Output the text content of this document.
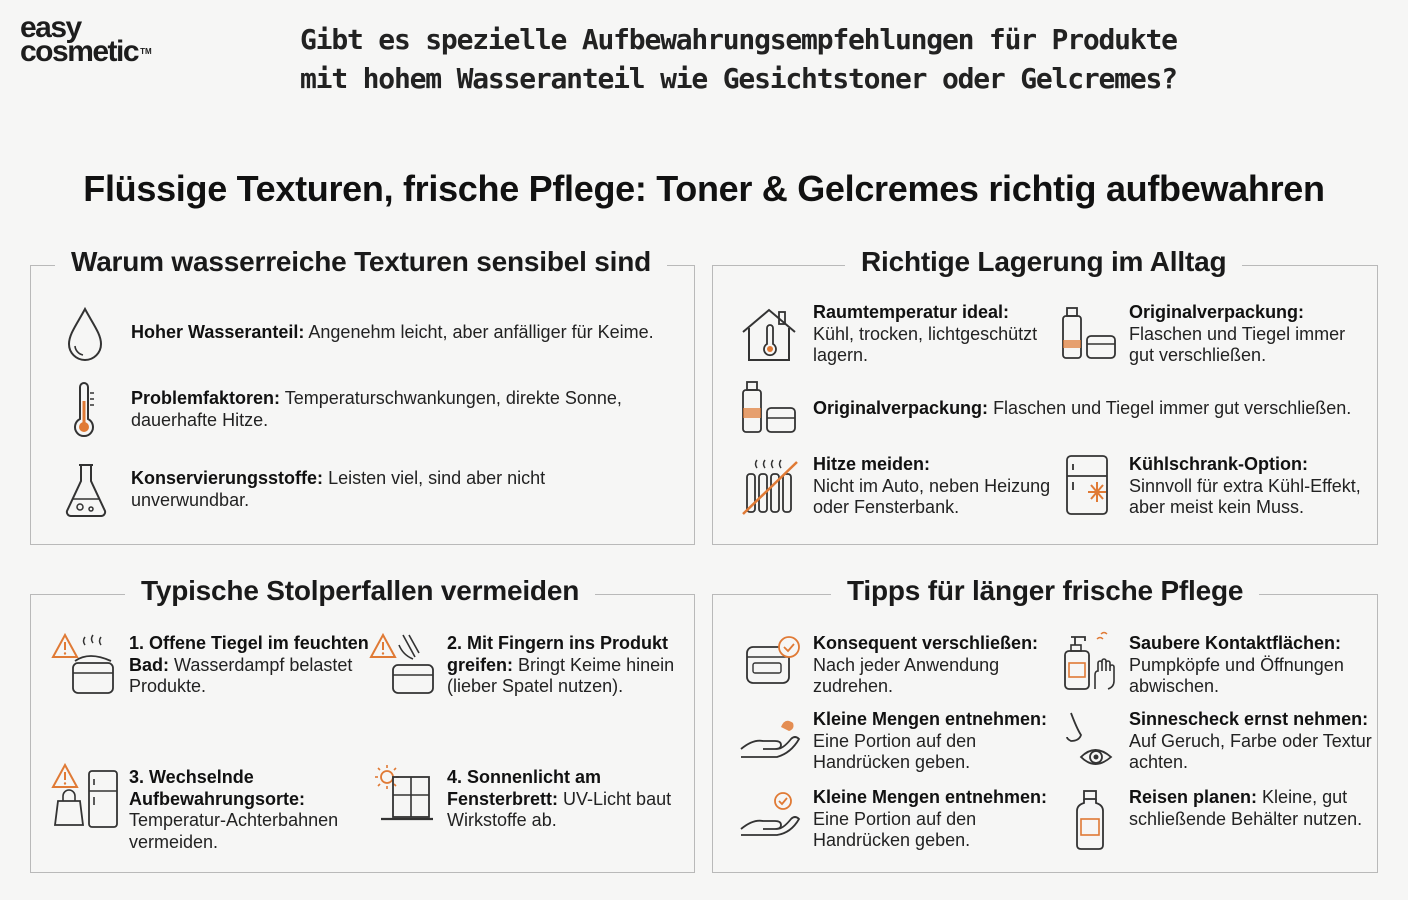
easy
cosmetic ™	Gibt es spezielle Aufbewahrungsempfehlungen für Produkte
mit hohem Wasseranteil wie Gesichtstoner oder Gelcremes?
Flüssige Texturen, frische Pflege: Toner & Gelcremes richtig aufbewahren
Warum wasserreiche Texturen sensibel sind
Hoher Wasseranteil: Angenehm leicht, aber anfälliger für Keime.
Problemfaktoren: Temperaturschwankungen, direkte Sonne, dauerhafte Hitze.
Konservierungsstoffe: Leisten viel, sind aber nicht unverwundbar.
Richtige Lagerung im Alltag
Raumtemperatur ideal:
Kühl, trocken, lichtgeschützt lagern.
Originalverpackung:
Flaschen und Tiegel immer gut verschließen.
Originalverpackung: Flaschen und Tiegel immer gut verschließen.
Hitze meiden:
Nicht im Auto, neben Heizung oder Fensterbank.
Kühlschrank-Option:
Sinnvoll für extra Kühl-Effekt, aber meist kein Muss.
Typische Stolperfallen vermeiden
1. Offene Tiegel im feuchten Bad: Wasserdampf belastet Produkte.
2. Mit Fingern ins Produkt greifen: Bringt Keime hinein (lieber Spatel nutzen).
3. Wechselnde Aufbewahrungsorte: Temperatur-Achterbahnen vermeiden.
4. Sonnenlicht am Fensterbrett: UV-Licht baut Wirkstoffe ab.
Tipps für länger frische Pflege
Konsequent verschließen:
Nach jeder Anwendung zudrehen.
Saubere Kontaktflächen:
Pumpköpfe und Öffnungen abwischen.
Kleine Mengen entnehmen:
Eine Portion auf den Handrücken geben.
Sinnescheck ernst nehmen:
Auf Geruch, Farbe oder Textur achten.
Kleine Mengen entnehmen:
Eine Portion auf den Handrücken geben.
Reisen planen: Kleine, gut schließende Behälter nutzen.
